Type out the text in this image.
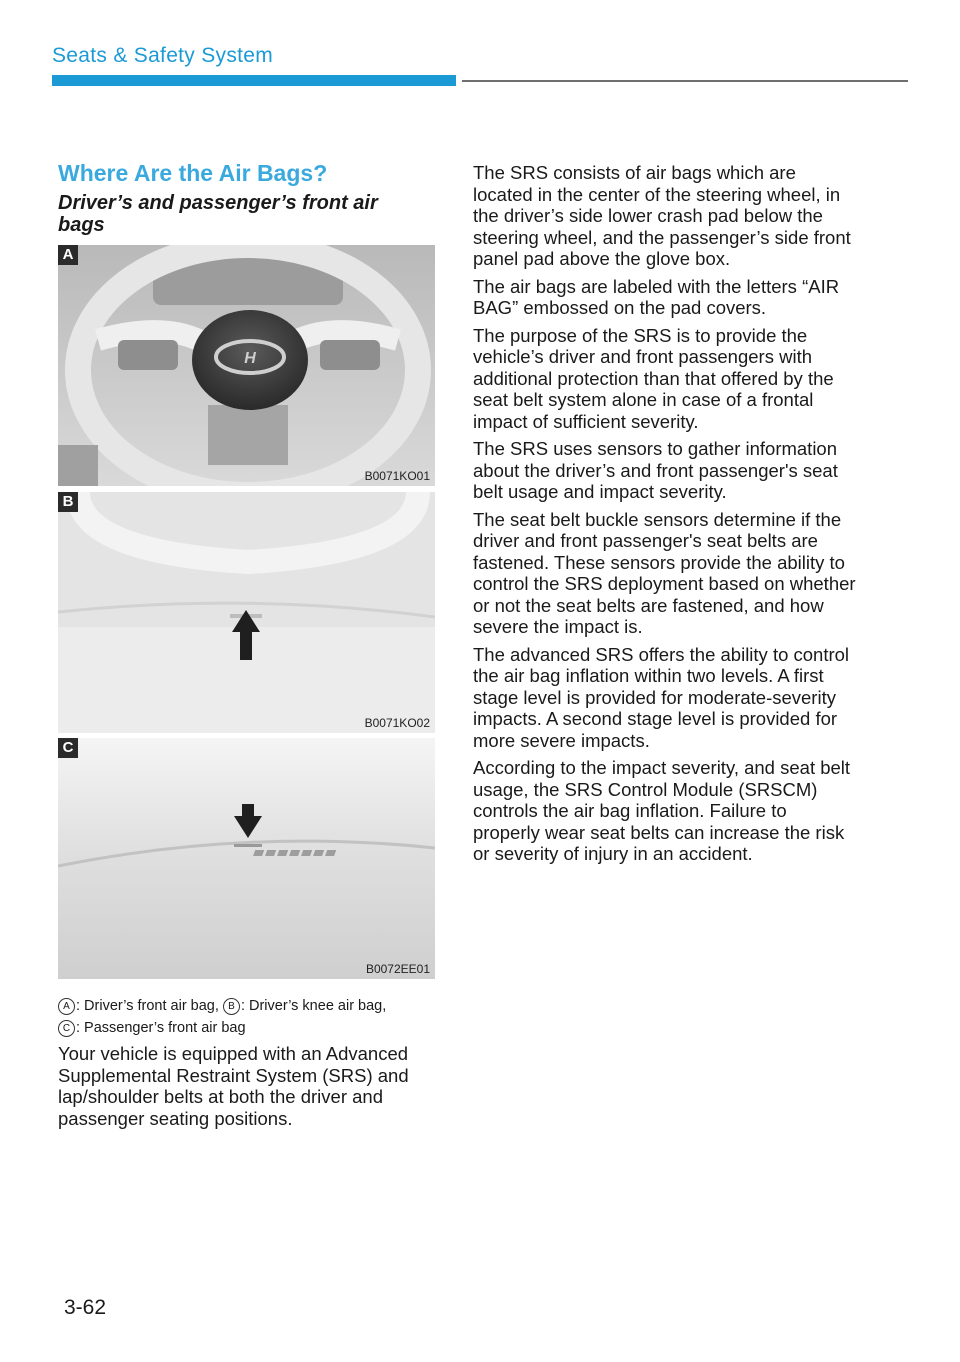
Seats & Safety System
Where Are the Air Bags?
Driver’s and passenger’s front air bags
H
A
B0071KO01
B
B0071KO02
C
B0072EE01
A : Driver’s front air bag, B : Driver’s knee air bag,
C : Passenger’s front air bag
Your vehicle is equipped with an Advanced Supplemental Restraint System (SRS) and lap/shoulder belts at both the driver and passenger seating positions.

The SRS consists of air bags which are located in the center of the steering wheel, in the driver’s side lower crash pad below the steering wheel, and the passenger’s side front panel pad above the glove box.

The air bags are labeled with the letters “AIR BAG” embossed on the pad covers.

The purpose of the SRS is to provide the vehicle’s driver and front passengers with additional protection than that offered by the seat belt system alone in case of a frontal impact of sufficient severity.

The SRS uses sensors to gather information about the driver’s and front passenger's seat belt usage and impact severity.

The seat belt buckle sensors determine if the driver and front passenger's seat belts are fastened. These sensors provide the ability to control the SRS deployment based on whether or not the seat belts are fastened, and how severe the impact is.

The advanced SRS offers the ability to control the air bag inflation within two levels. A first stage level is provided for moderate-severity impacts. A second stage level is provided for more severe impacts.

According to the impact severity, and seat belt usage, the SRS Control Module (SRSCM) controls the air bag inflation. Failure to properly wear seat belts can increase the risk or severity of injury in an accident.

3-62
